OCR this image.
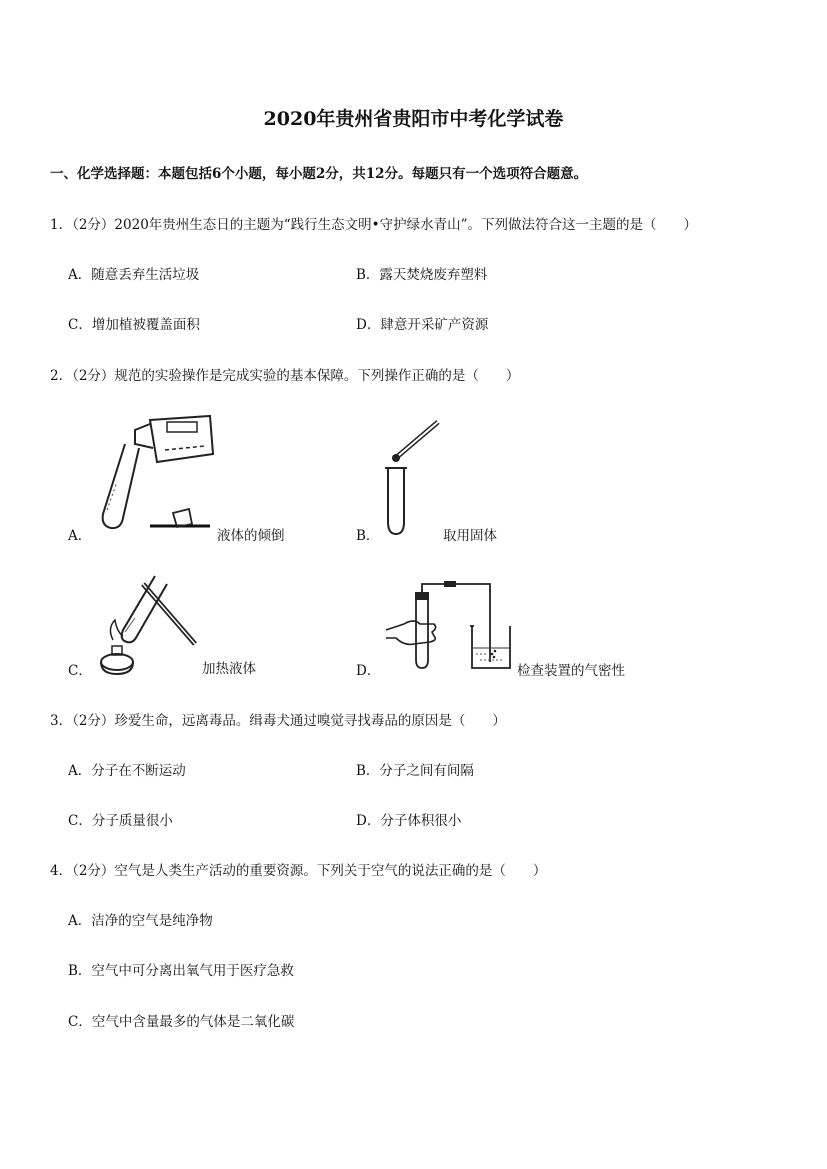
2020年贵州省贵阳市中考化学试卷
一、化学选择题：本题包括6个小题，每小题2分，共12分。每题只有一个选项符合题意。
1．（2分）2020年贵州生态日的主题为“践行生态文明•守护绿水青山”。下列做法符合这一主题的是（　　）
A．随意丢弃生活垃圾	B．露天焚烧废弃塑料
C．增加植被覆盖面积	D．肆意开采矿产资源
2．（2分）规范的实验操作是完成实验的基本保障。下列操作正确的是（　　）
A．	液体的倾倒	B．	取用固体
C．	加热液体	D．	检查装置的气密性
3．（2分）珍爱生命，远离毒品。缉毒犬通过嗅觉寻找毒品的原因是（　　）
A．分子在不断运动	B．分子之间有间隔
C．分子质量很小	D．分子体积很小
4．（2分）空气是人类生产活动的重要资源。下列关于空气的说法正确的是（　　）
A．洁净的空气是纯净物
B．空气中可分离出氧气用于医疗急救
C．空气中含量最多的气体是二氧化碳
